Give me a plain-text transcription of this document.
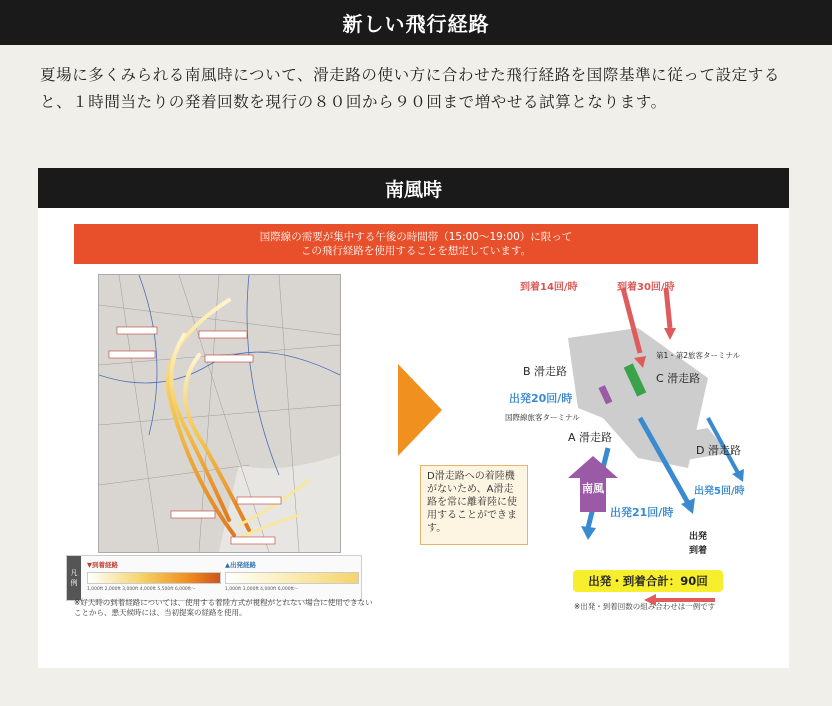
新しい飛行経路
夏場に多くみられる南風時について、滑走路の使い方に合わせた飛行経路を国際基準に従って設定すると、１時間当たりの発着回数を現行の８０回から９０回まで増やせる試算となります。
南風時
国際線の需要が集中する午後の時間帯（15:00～19:00）に限って
この飛行経路を使用することを想定しています。
凡
例
▼到着経路
1,000ft 2,000ft 3,000ft 4,000ft 5,500ft 6,000ft〜
▲出発経路
1,000ft 3,000ft 4,000ft 6,000ft〜
※好天時の到着経路については、使用する着陸方式が視程がとれない場合に使用できないことから、悪天候時には、当初提案の経路を使用。
南風
到着14回/時	到着30回/時
第1・第2旅客ターミナル
B 滑走路
C 滑走路
出発20回/時
国際線旅客ターミナル
A 滑走路
D 滑走路
出発5回/時
出発21回/時
出発
到着
D滑走路への着陸機がないため、A滑走路を常に離着陸に使用することができます。
出発・到着合計：90回
※出発・到着回数の組み合わせは一例です
